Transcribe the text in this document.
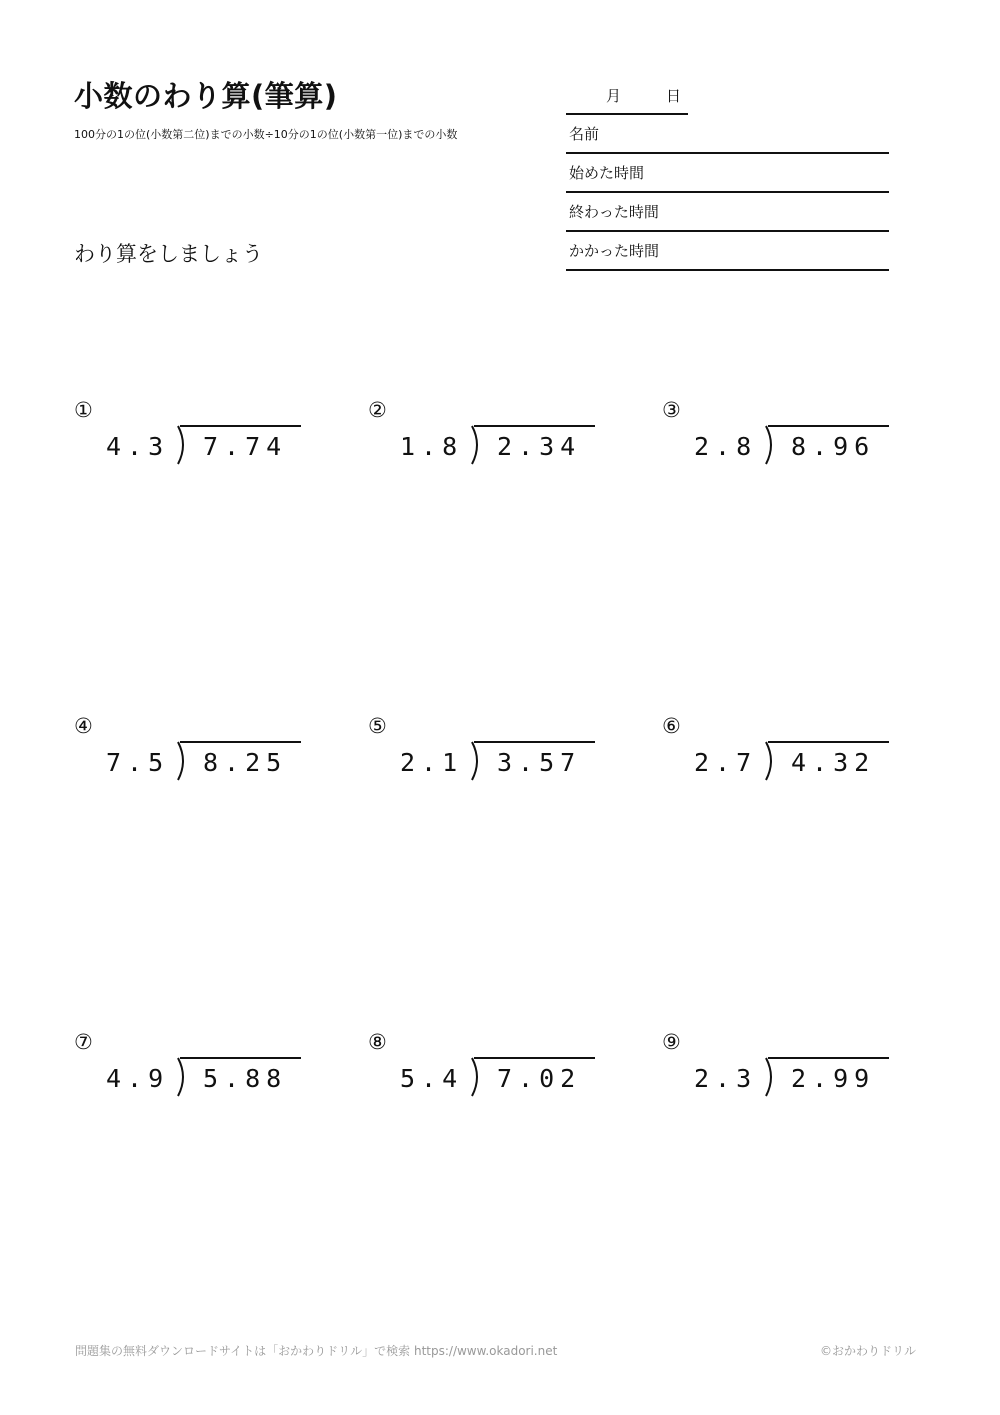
小数のわり算(筆算)
100分の1の位(小数第二位)までの小数÷10分の1の位(小数第一位)までの小数
わり算をしましょう
月	日
名前
始めた時間
終わった時間
かかった時間
①
4.3 7.74
②
1.8 2.34
③
2.8 8.96
④
7.5 8.25
⑤
2.1 3.57
⑥
2.7 4.32
⑦
4.9 5.88
⑧
5.4 7.02
⑨
2.3 2.99
問題集の無料ダウンロードサイトは「おかわりドリル」で検索 https://www.okadori.net	©おかわりドリル
